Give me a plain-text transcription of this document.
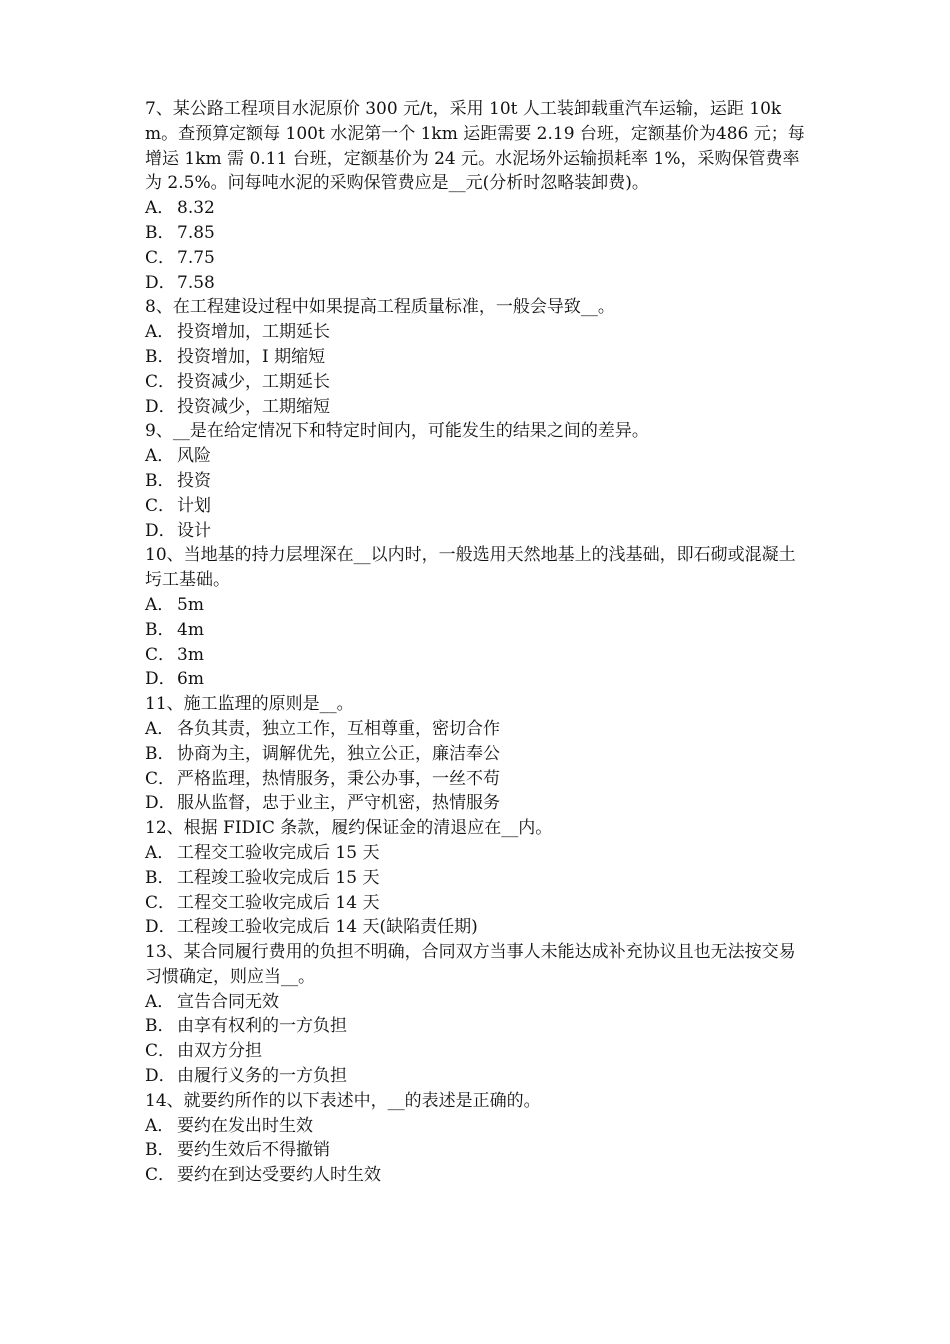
7、某公路工程项目水泥原价 300 元/t，采用 10t 人工装卸载重汽车运输，运距 10km。查预算定额每 100t 水泥第一个 1km 运距需要 2.19 台班，定额基价为486 元；每增运 1km 需 0.11 台班，定额基价为 24 元。水泥场外运输损耗率 1%，采购保管费率为 2.5%。问每吨水泥的采购保管费应是__元(分析时忽略装卸费)。

A． 8.32

B． 7.85

C． 7.75

D．7.58

8、在工程建设过程中如果提高工程质量标准，一般会导致__。

A． 投资增加，工期延长

B． 投资增加，I 期缩短

C． 投资减少，工期延长

D．投资减少，工期缩短

9、__是在给定情况下和特定时间内，可能发生的结果之间的差异。

A． 风险

B． 投资

C． 计划

D．设计

10、当地基的持力层埋深在__以内时，一般选用天然地基上的浅基础，即石砌或混凝土圬工基础。

A． 5m

B． 4m

C． 3m

D．6m

11、施工监理的原则是__。

A． 各负其责，独立工作，互相尊重，密切合作

B． 协商为主，调解优先，独立公正，廉洁奉公

C． 严格监理，热情服务，秉公办事，一丝不苟

D．服从监督，忠于业主，严守机密，热情服务

12、根据 FIDIC 条款，履约保证金的清退应在__内。

A． 工程交工验收完成后 15 天

B． 工程竣工验收完成后 15 天

C． 工程交工验收完成后 14 天

D．工程竣工验收完成后 14 天(缺陷责任期)

13、某合同履行费用的负担不明确，合同双方当事人未能达成补充协议且也无法按交易习惯确定，则应当__。

A． 宣告合同无效

B． 由享有权利的一方负担

C． 由双方分担

D．由履行义务的一方负担

14、就要约所作的以下表述中，__的表述是正确的。

A． 要约在发出时生效

B． 要约生效后不得撤销

C． 要约在到达受要约人时生效
